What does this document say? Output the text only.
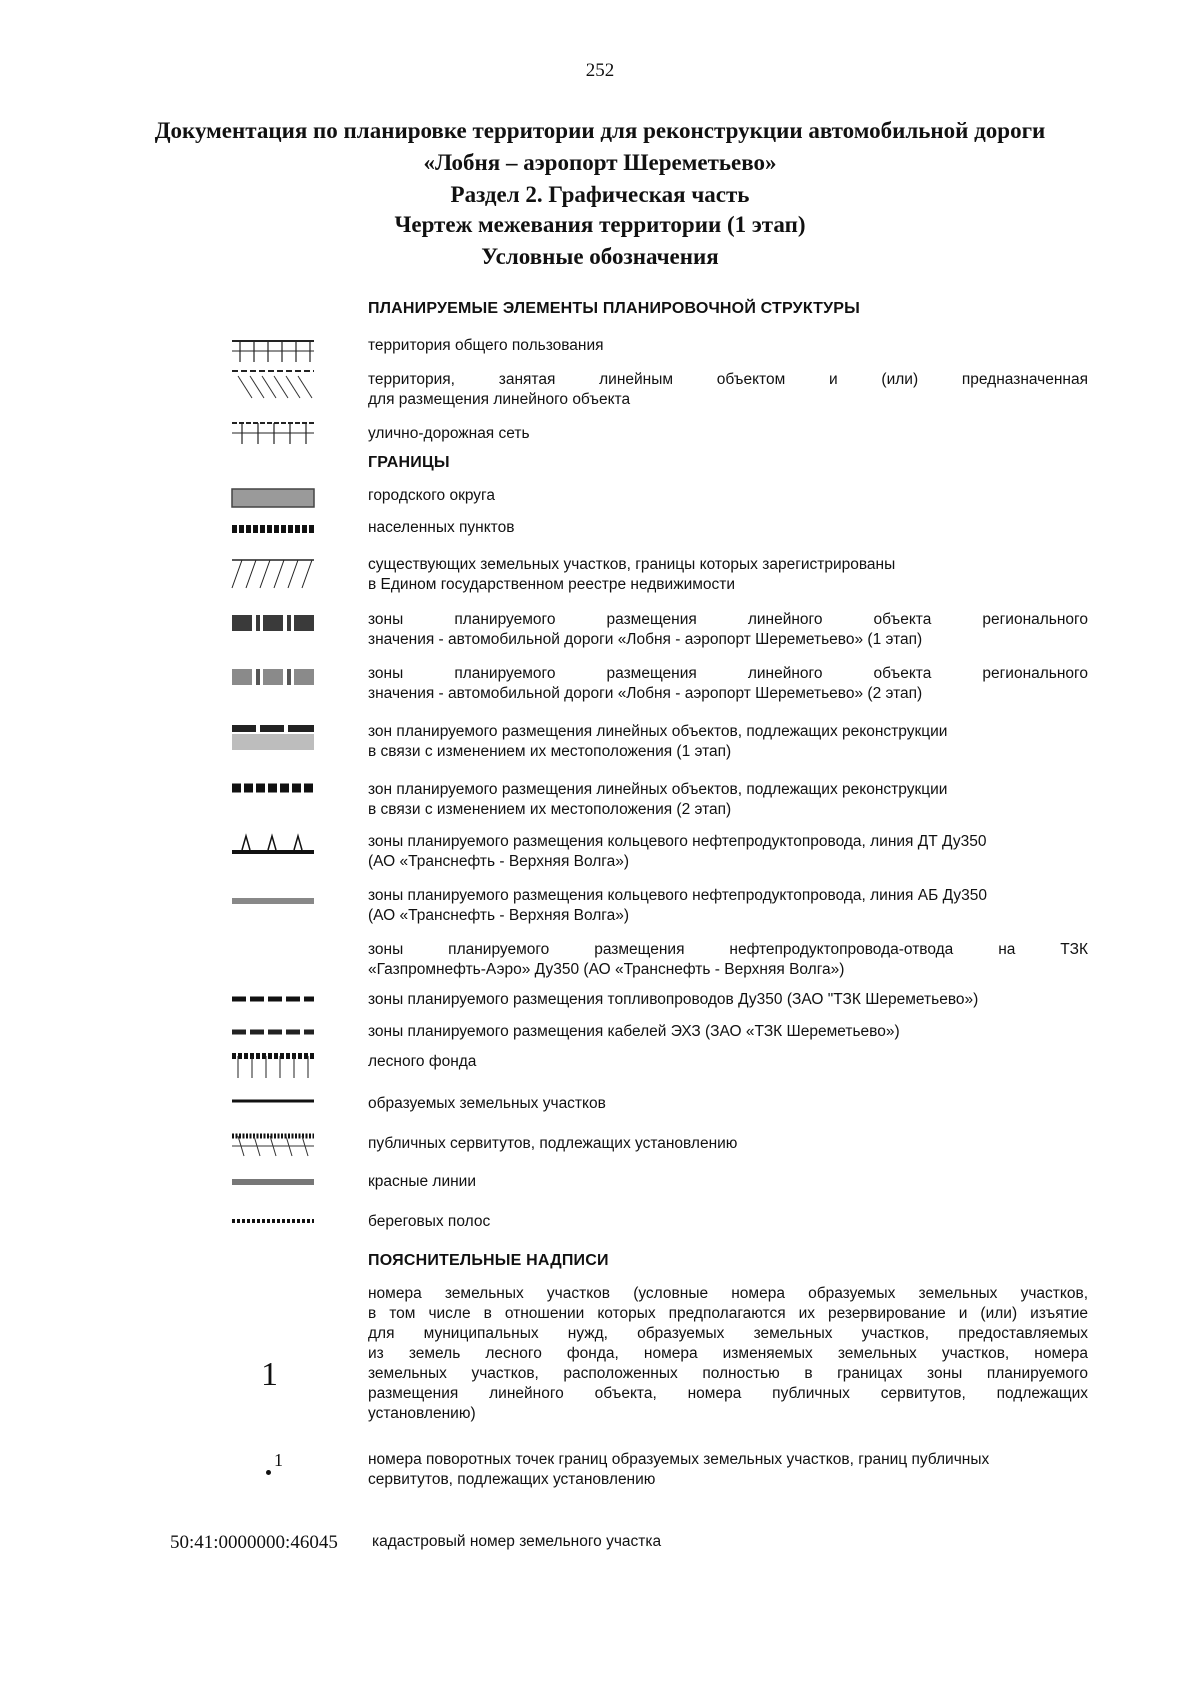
252
Документация по планировке территории для реконструкции автомобильной дороги
«Лобня – аэропорт Шереметьево»
Раздел 2. Графическая часть
Чертеж межевания территории (1 этап)
Условные обозначения
ПЛАНИРУЕМЫЕ ЭЛЕМЕНТЫ ПЛАНИРОВОЧНОЙ СТРУКТУРЫ
территория общего пользования
территория, занятая линейным объектом и (или) предназначенная
для размещения линейного объекта
улично-дорожная сеть
ГРАНИЦЫ
городского округа
населенных пунктов
существующих земельных участков, границы которых зарегистрированы
в Едином государственном реестре недвижимости
зоны планируемого размещения линейного объекта регионального
значения - автомобильной дороги «Лобня - аэропорт Шереметьево» (1 этап)
зоны планируемого размещения линейного объекта регионального
значения - автомобильной дороги «Лобня - аэропорт Шереметьево» (2 этап)
зон планируемого размещения линейных объектов, подлежащих реконструкции
в связи с изменением их местоположения (1 этап)
зон планируемого размещения линейных объектов, подлежащих реконструкции
в связи с изменением их местоположения (2 этап)
зоны планируемого размещения кольцевого нефтепродуктопровода, линия ДТ Ду350
(АО «Транснефть - Верхняя Волга»)
зоны планируемого размещения кольцевого нефтепродуктопровода, линия АБ Ду350
(АО «Транснефть - Верхняя Волга»)
зоны планируемого размещения нефтепродуктопровода-отвода на ТЗК
«Газпромнефть-Аэро» Ду350 (АО «Транснефть - Верхняя Волга»)
зоны планируемого размещения топливопроводов Ду350 (ЗАО "ТЗК Шереметьево»)
зоны планируемого размещения кабелей ЭХЗ (ЗАО «ТЗК Шереметьево»)
лесного фонда
образуемых земельных участков
публичных сервитутов, подлежащих установлению
красные линии
береговых полос
ПОЯСНИТЕЛЬНЫЕ НАДПИСИ
1
номера земельных участков (условные номера образуемых земельных участков,
в том числе в отношении которых предполагаются их резервирование и (или) изъятие
для муниципальных нужд, образуемых земельных участков, предоставляемых
из земель лесного фонда, номера изменяемых земельных участков, номера
земельных участков, расположенных полностью в границах зоны планируемого
размещения линейного объекта, номера публичных сервитутов, подлежащих
установлению)
1	номера поворотных точек границ образуемых земельных участков, границ публичных
сервитутов, подлежащих установлению
50:41:0000000:46045 кадастровый номер земельного участка
